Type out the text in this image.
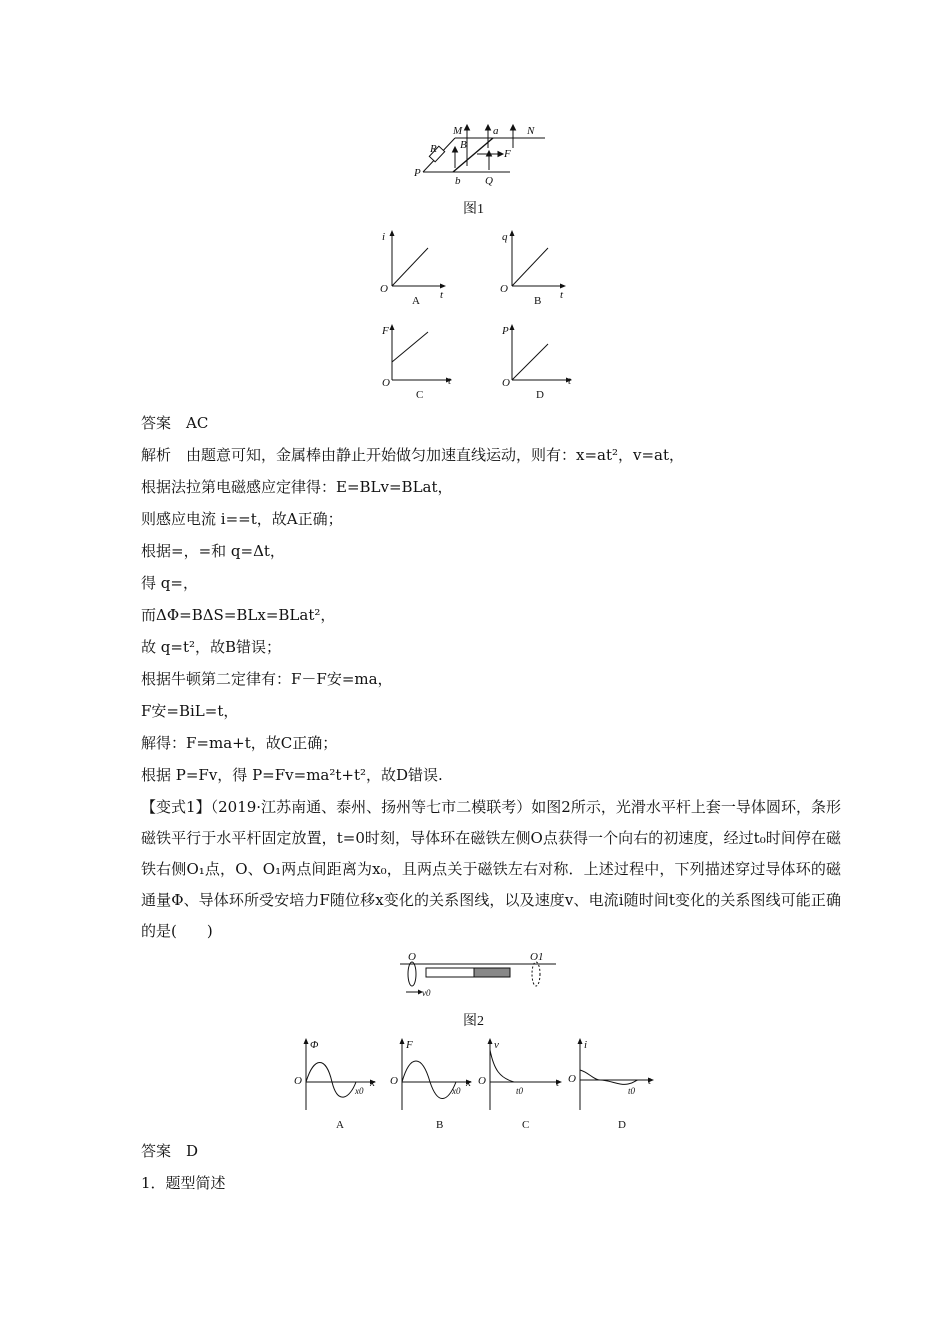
M	a	N
R B
F
P
b Q
图1
i
t
O
A
q
t
O
B
F
t
O
C
P
t
O
D
答案　AC
解析　由题意可知，金属棒由静止开始做匀加速直线运动，则有：x=at²，v=at，
根据法拉第电磁感应定律得：E=BLv=BLat，
则感应电流 i==t，故A正确；
根据=，=和 q=Δt，
得 q=，
而ΔΦ=BΔS=BLx=BLat²，
故 q=t²，故B错误；
根据牛顿第二定律有：F－F安=ma，
F安=BiL=t，
解得：F=ma+t，故C正确；
根据 P=Fv，得 P=Fv=ma²t+t²，故D错误.
【变式1】（2019·江苏南通、泰州、扬州等七市二模联考）如图2所示，光滑水平杆上套一导体圆环，条形磁铁平行于水平杆固定放置，t=0时刻，导体环在磁铁左侧O点获得一个向右的初速度，经过t₀时间停在磁铁右侧O₁点，O、O₁两点间距离为x₀，且两点关于磁铁左右对称．上述过程中，下列描述穿过导体环的磁通量Φ、导体环所受安培力F随位移x变化的关系图线，以及速度v、电流i随时间t变化的关系图线可能正确的是(　　)
O	O1
v0
图2
Φ
x
O
x0
A
F
x
O
x0
B
v
t
O
t0
C
i
t
O
t0
D
答案　D
1．题型简述
